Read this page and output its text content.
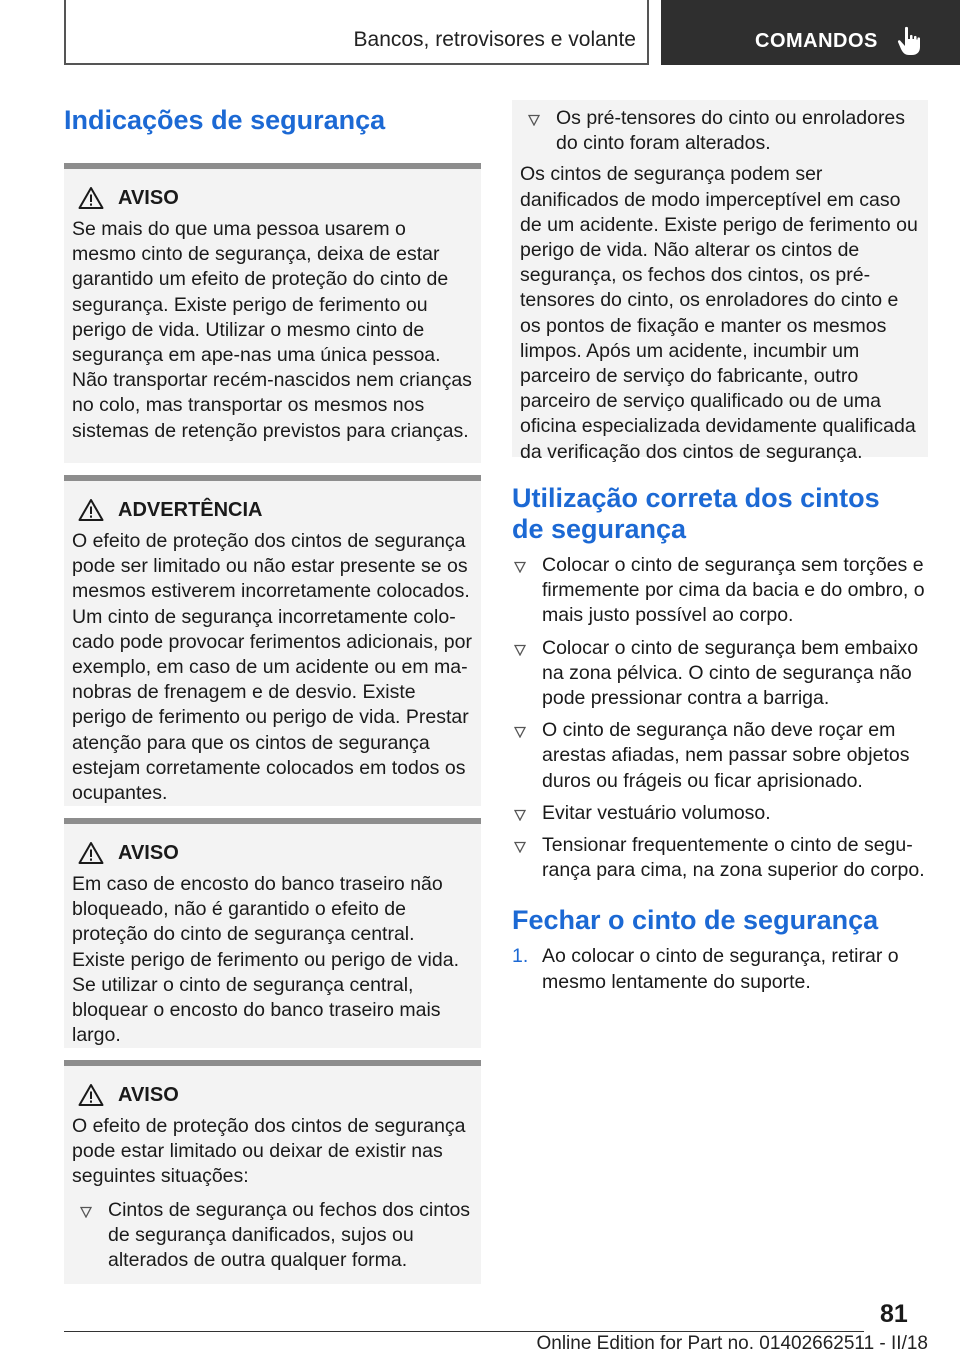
Bancos, retrovisores e volante	COMANDOS
Indicações de segurança
AVISO

Se mais do que uma pessoa usarem o mesmo cinto de segurança, deixa de estar garantido um efeito de proteção do cinto de segurança. Existe perigo de ferimento ou perigo de vida. Utilizar o mesmo cinto de segurança em ape-nas uma única pessoa. Não transportar recém-nascidos nem crianças no colo, mas transportar os mesmos nos sistemas de retenção previstos para crianças.

ADVERTÊNCIA

O efeito de proteção dos cintos de segurança pode ser limitado ou não estar presente se os mesmos estiverem incorretamente colocados. Um cinto de segurança incorretamente colocado pode provocar ferimentos adicionais, por exemplo, em caso de um acidente ou em manobras de frenagem e de desvio. Existe perigo de ferimento ou perigo de vida. Prestar atenção para que os cintos de segurança estejam corretamente colocados em todos os ocupantes.

AVISO

Em caso de encosto do banco traseiro não bloqueado, não é garantido o efeito de proteção do cinto de segurança central. Existe perigo de ferimento ou perigo de vida. Se utilizar o cinto de segurança central, bloquear o encosto do banco traseiro mais largo.

AVISO

O efeito de proteção dos cintos de segurança pode estar limitado ou deixar de existir nas seguintes situações:

Cintos de segurança ou fechos dos cintos de segurança danificados, sujos ou alterados de outra qualquer forma.
Os pré-tensores do cinto ou enroladores do cinto foram alterados.

Os cintos de segurança podem ser danificados de modo imperceptível em caso de um acidente. Existe perigo de ferimento ou perigo de vida. Não alterar os cintos de segurança, os fechos dos cintos, os pré-tensores do cinto, os enroladores do cinto e os pontos de fixação e manter os mesmos limpos. Após um acidente, incumbir um parceiro de serviço do fabricante, outro parceiro de serviço qualificado ou de uma oficina especializada devidamente qualificada da verificação dos cintos de segurança.

Utilização correta dos cintos de segurança
Colocar o cinto de segurança sem torções e firmemente por cima da bacia e do ombro, o mais justo possível ao corpo.
Colocar o cinto de segurança bem embaixo na zona pélvica. O cinto de segurança não pode pressionar contra a barriga.
O cinto de segurança não deve roçar em arestas afiadas, nem passar sobre objetos duros ou frágeis ou ficar aprisionado.
Evitar vestuário volumoso.
Tensionar frequentemente o cinto de segurança para cima, na zona superior do corpo.
Fechar o cinto de segurança
1. Ao colocar o cinto de segurança, retirar o mesmo lentamente do suporte.
81
Online Edition for Part no. 01402662511 - II/18
